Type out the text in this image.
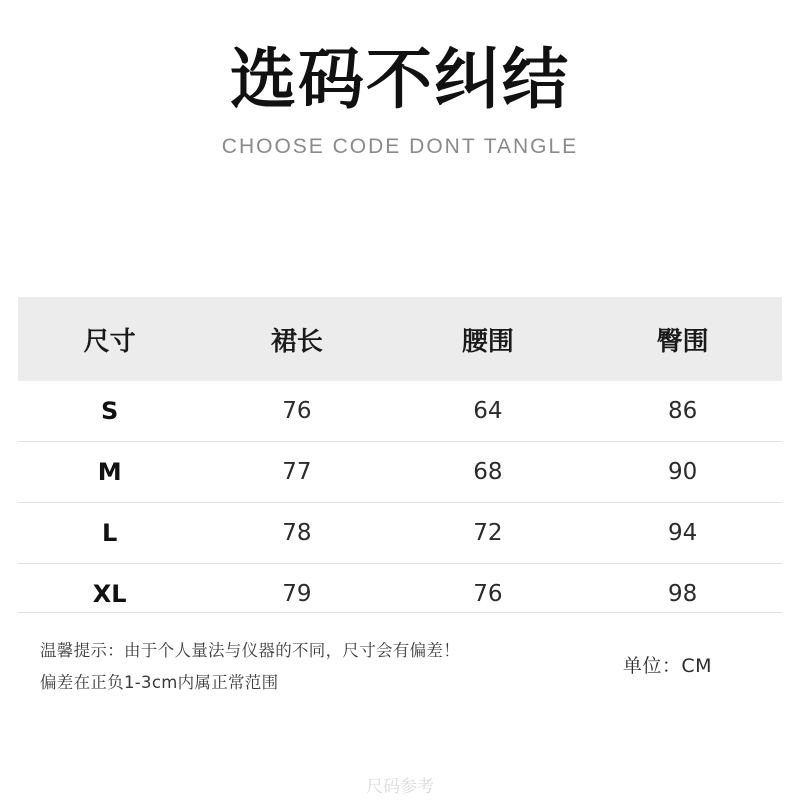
选码不纠结
CHOOSE CODE DONT TANGLE
尺寸	裙长	腰围	臀围
S	76	64	86
M	77	68	90
L	78	72	94
XL	79	76	98
温馨提示：由于个人量法与仪器的不同，尺寸会有偏差！
偏差在正负1-3cm内属正常范围
单位：CM
尺码参考
